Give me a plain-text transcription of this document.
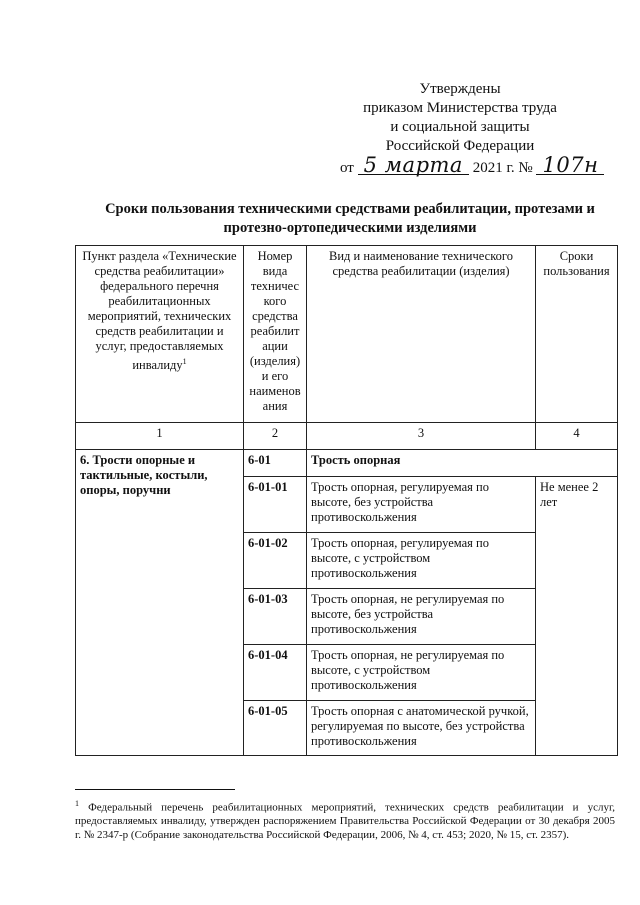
Утверждены
приказом Министерства труда
и социальной защиты
Российской Федерации
от 5 марта 2021 г. № 107н
Сроки пользования техническими средствами реабилитации, протезами и
протезно-ортопедическими изделиями
Пункт раздела «Технические средства реабилитации» федерального перечня реабилитационных мероприятий, технических средств реабилитации и услуг, предоставляемых инвалиду$^1$	Номер вида техничес кого средства реабилит ации (изделия) и его наименов ания	Вид и наименование технического средства реабилитации (изделия)	Сроки пользования
1	2	3	4
6. Трости опорные и тактильные, костыли, опоры, поручни	6-01	Трость опорная	
	6-01-01	Трость опорная, регулируемая по высоте, без устройства противоскольжения	Не менее 2 лет
	6-01-02	Трость опорная, регулируемая по высоте, с устройством противоскольжения	
	6-01-03	Трость опорная, не регулируемая по высоте, без устройства противоскольжения	
	6-01-04	Трость опорная, не регулируемая по высоте, с устройством противоскольжения	
	6-01-05	Трость опорная с анатомической ручкой, регулируемая по высоте, без устройства противоскольжения	
$^1$ Федеральный перечень реабилитационных мероприятий, технических средств реабилитации и услуг, предоставляемых инвалиду, утвержден распоряжением Правительства Российской Федерации от 30 декабря 2005 г. № 2347-р (Собрание законодательства Российской Федерации, 2006, № 4, ст. 453; 2020, № 15, ст. 2357).
